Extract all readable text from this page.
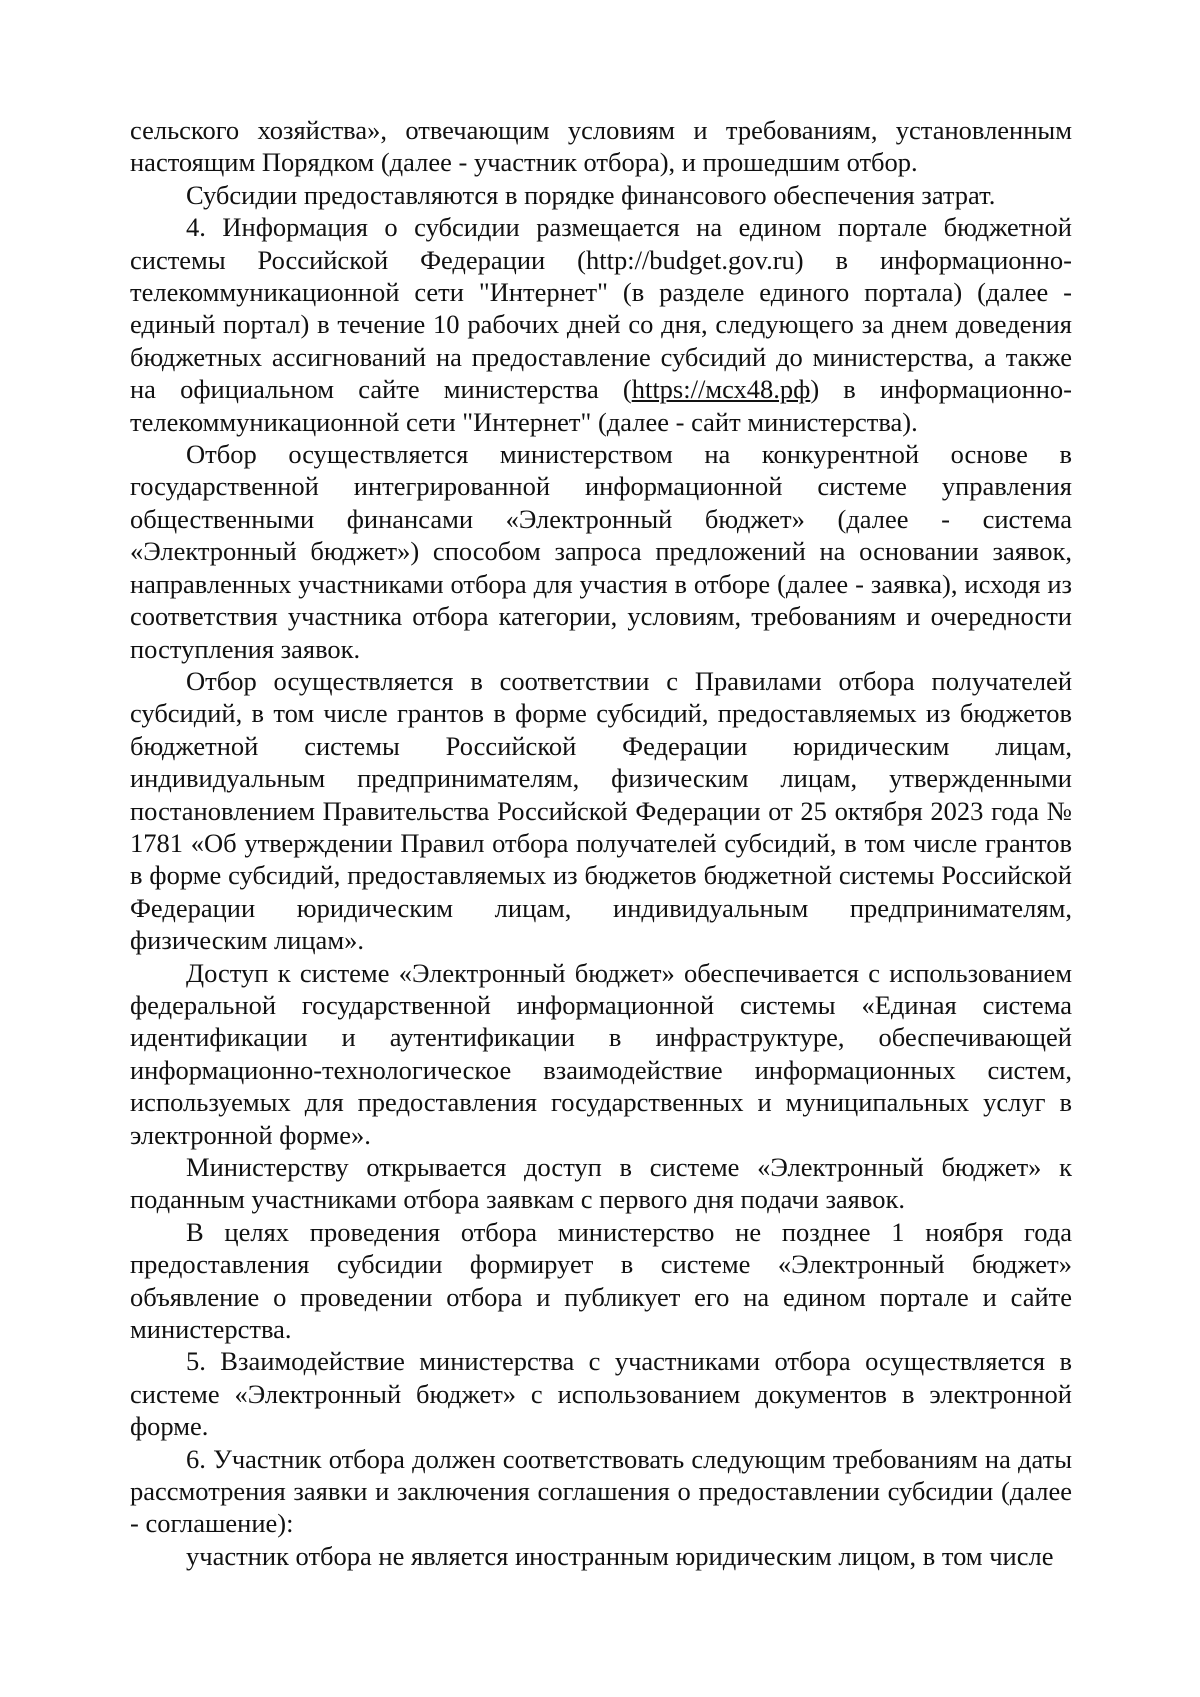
сельского хозяйства», отвечающим условиям и требованиям, установленным настоящим Порядком (далее - участник отбора), и прошедшим отбор.

Субсидии предоставляются в порядке финансового обеспечения затрат.

4. Информация о субсидии размещается на едином портале бюджетной системы Российской Федерации (http://budget.gov.ru) в информационно-телекоммуникационной сети "Интернет" (в разделе единого портала) (далее - единый портал) в течение 10 рабочих дней со дня, следующего за днем доведения бюджетных ассигнований на предоставление субсидий до министерства, а также на официальном сайте министерства (https://мсх48.рф) в информационно-телекоммуникационной сети "Интернет" (далее - сайт министерства).

Отбор осуществляется министерством на конкурентной основе в государственной интегрированной информационной системе управления общественными финансами «Электронный бюджет» (далее - система «Электронный бюджет») способом запроса предложений на основании заявок, направленных участниками отбора для участия в отборе (далее - заявка), исходя из соответствия участника отбора категории, условиям, требованиям и очередности поступления заявок.

Отбор осуществляется в соответствии с Правилами отбора получателей субсидий, в том числе грантов в форме субсидий, предоставляемых из бюджетов бюджетной системы Российской Федерации юридическим лицам, индивидуальным предпринимателям, физическим лицам, утвержденными постановлением Правительства Российской Федерации от 25 октября 2023 года № 1781 «Об утверждении Правил отбора получателей субсидий, в том числе грантов в форме субсидий, предоставляемых из бюджетов бюджетной системы Российской Федерации юридическим лицам, индивидуальным предпринимателям, физическим лицам».

Доступ к системе «Электронный бюджет» обеспечивается с использованием федеральной государственной информационной системы «Единая система идентификации и аутентификации в инфраструктуре, обеспечивающей информационно-технологическое взаимодействие информационных систем, используемых для предоставления государственных и муниципальных услуг в электронной форме».

Министерству открывается доступ в системе «Электронный бюджет» к поданным участниками отбора заявкам с первого дня подачи заявок.

В целях проведения отбора министерство не позднее 1 ноября года предоставления субсидии формирует в системе «Электронный бюджет» объявление о проведении отбора и публикует его на едином портале и сайте министерства.

5. Взаимодействие министерства с участниками отбора осуществляется в системе «Электронный бюджет» с использованием документов в электронной форме.

6. Участник отбора должен соответствовать следующим требованиям на даты рассмотрения заявки и заключения соглашения о предоставлении субсидии (далее - соглашение):

участник отбора не является иностранным юридическим лицом, в том числе
